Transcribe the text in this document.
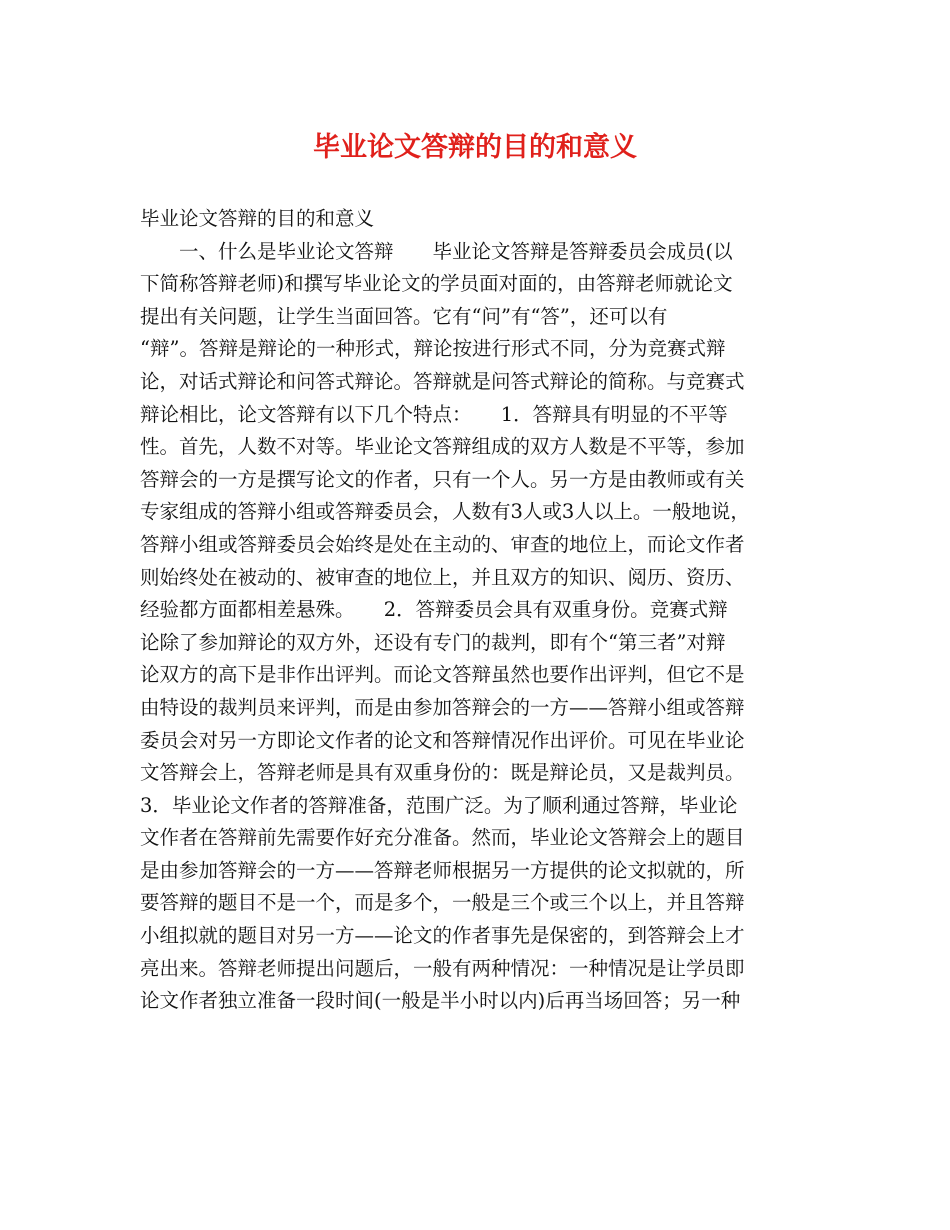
毕业论文答辩的目的和意义
毕业论文答辩的目的和意义
　　一、什么是毕业论文答辩　　毕业论文答辩是答辩委员会成员(以
下简称答辩老师)和撰写毕业论文的学员面对面的，由答辩老师就论文
提出有关问题，让学生当面回答。它有“问”有“答”，还可以有
“辩”。答辩是辩论的一种形式，辩论按进行形式不同，分为竞赛式辩
论，对话式辩论和问答式辩论。答辩就是问答式辩论的简称。与竞赛式
辩论相比，论文答辩有以下几个特点：　　1．答辩具有明显的不平等
性。首先，人数不对等。毕业论文答辩组成的双方人数是不平等，参加
答辩会的一方是撰写论文的作者，只有一个人。另一方是由教师或有关
专家组成的答辩小组或答辩委员会，人数有3人或3人以上。一般地说，
答辩小组或答辩委员会始终是处在主动的、审查的地位上，而论文作者
则始终处在被动的、被审查的地位上，并且双方的知识、阅历、资历、
经验都方面都相差悬殊。　　2．答辩委员会具有双重身份。竞赛式辩
论除了参加辩论的双方外，还设有专门的裁判，即有个“第三者”对辩
论双方的高下是非作出评判。而论文答辩虽然也要作出评判，但它不是
由特设的裁判员来评判，而是由参加答辩会的一方——答辩小组或答辩
委员会对另一方即论文作者的论文和答辩情况作出评价。可见在毕业论
文答辩会上，答辩老师是具有双重身份的：既是辩论员，又是裁判员。
3．毕业论文作者的答辩准备，范围广泛。为了顺利通过答辩，毕业论
文作者在答辩前先需要作好充分准备。然而，毕业论文答辩会上的题目
是由参加答辩会的一方——答辩老师根据另一方提供的论文拟就的，所
要答辩的题目不是一个，而是多个，一般是三个或三个以上，并且答辩
小组拟就的题目对另一方——论文的作者事先是保密的，到答辩会上才
亮出来。答辩老师提出问题后，一般有两种情况：一种情况是让学员即
论文作者独立准备一段时间(一般是半小时以内)后再当场回答；另一种
